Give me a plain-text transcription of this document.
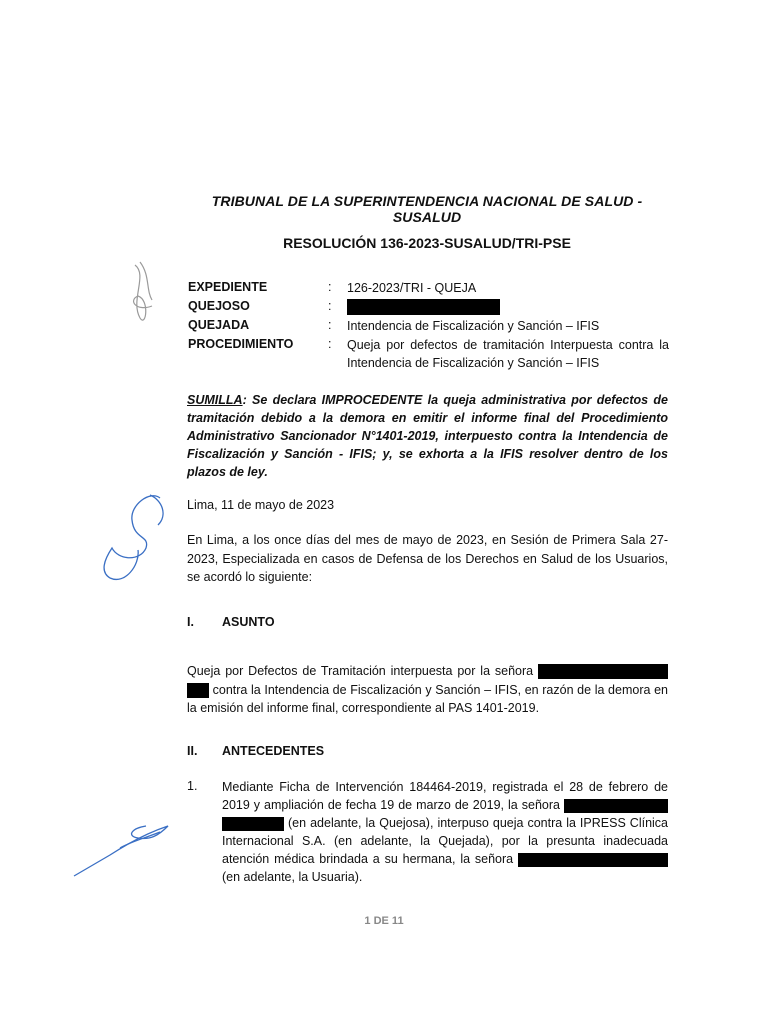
TRIBUNAL DE LA SUPERINTENDENCIA NACIONAL DE SALUD - SUSALUD
RESOLUCIÓN 136-2023-SUSALUD/TRI-PSE
EXPEDIENTE	: 126-2023/TRI - QUEJA
QUEJOSO	:
QUEJADA	: Intendencia de Fiscalización y Sanción – IFIS
PROCEDIMIENTO	: Queja por defectos de tramitación Interpuesta contra la Intendencia de Fiscalización y Sanción – IFIS
SUMILLA: Se declara IMPROCEDENTE la queja administrativa por defectos de tramitación debido a la demora en emitir el informe final del Procedimiento Administrativo Sancionador N°1401-2019, interpuesto contra la Intendencia de Fiscalización y Sanción - IFIS; y, se exhorta a la IFIS resolver dentro de los plazos de ley.
Lima, 11 de mayo de 2023
En Lima, a los once días del mes de mayo de 2023, en Sesión de Primera Sala 27-2023, Especializada en casos de Defensa de los Derechos en Salud de los Usuarios, se acordó lo siguiente:
I. ASUNTO
Queja por Defectos de Tramitación interpuesta por la señora   contra la Intendencia de Fiscalización y Sanción – IFIS, en razón de la demora en la emisión del informe final, correspondiente al PAS 1401-2019.
II. ANTECEDENTES
1. Mediante Ficha de Intervención 184464-2019, registrada el 28 de febrero de 2019 y ampliación de fecha 19 de marzo de 2019, la señora   (en adelante, la Quejosa), interpuso queja contra la IPRESS Clínica Internacional S.A. (en adelante, la Quejada), por la presunta inadecuada atención médica brindada a su hermana, la señora  (en adelante, la Usuaria).
1 DE 11
